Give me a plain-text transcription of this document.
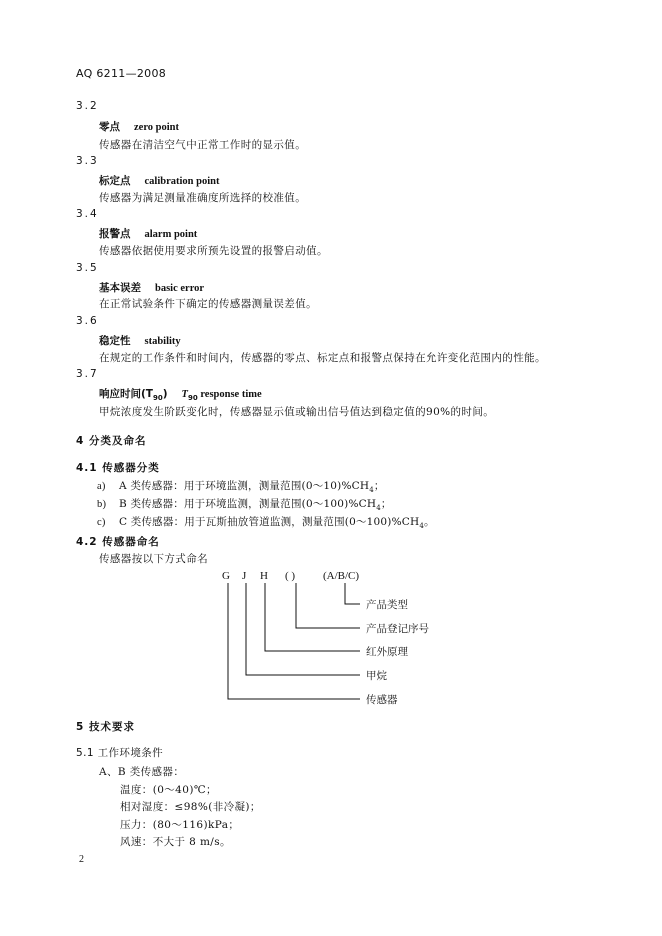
AQ 6211—2008
3.2
零点 zero point
传感器在清洁空气中正常工作时的显示值。
3.3
标定点 calibration point
传感器为满足测量准确度所选择的校准值。
3.4
报警点 alarm point
传感器依据使用要求所预先设置的报警启动值。
3.5
基本误差 basic error
在正常试验条件下确定的传感器测量误差值。
3.6
稳定性 stability
在规定的工作条件和时间内，传感器的零点、标定点和报警点保持在允许变化范围内的性能。
3.7
响应时间$(T_{90})$ $T_{90}$ response time
甲烷浓度发生阶跃变化时，传感器显示值或输出信号值达到稳定值的90%的时间。
4 分类及命名
4.1 传感器分类
a) A 类传感器：用于环境监测，测量范围$(0\sim 10)\%CH_4$；
b) B 类传感器：用于环境监测，测量范围$(0\sim 100)\%CH_4$；
c) C 类传感器：用于瓦斯抽放管道监测，测量范围$(0\sim 100)\%CH_4$。
4.2 传感器命名
传感器按以下方式命名
G J H ( )	(A/B/C)
产品类型
产品登记序号
红外原理
甲烷
传感器
5 技术要求
5.1 工作环境条件
A、B 类传感器：
温度：(0～40)℃；
相对湿度：≤98%(非冷凝)；
压力：(80～116)kPa；
风速：不大于 8 m/s。
2
